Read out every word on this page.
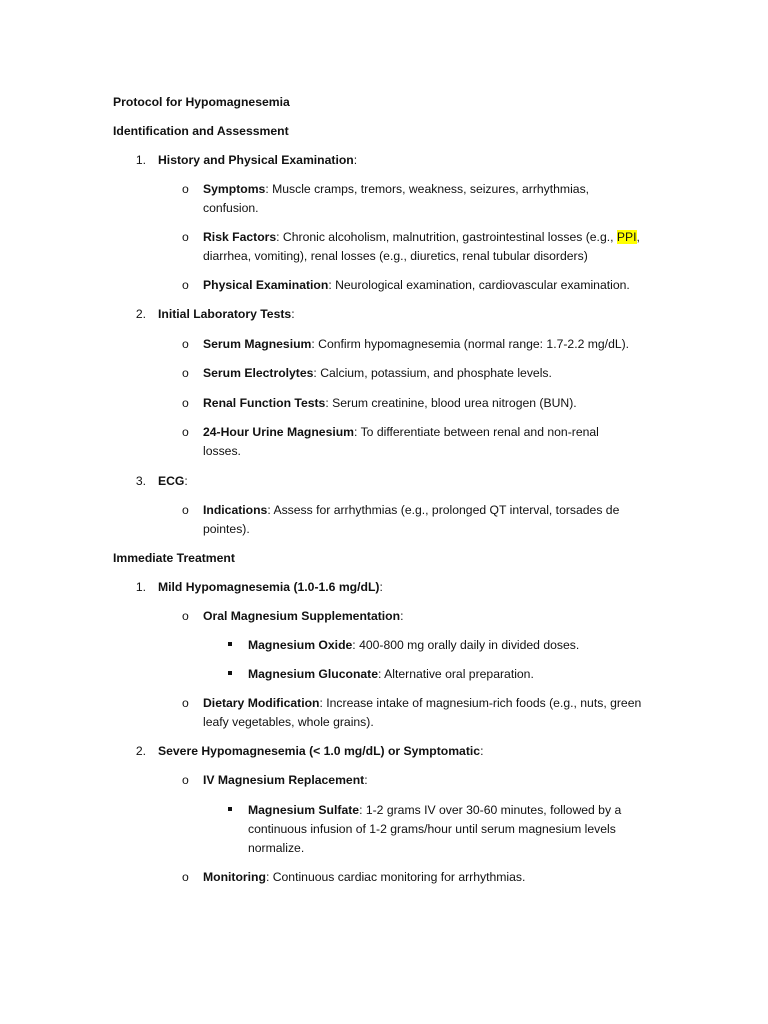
Protocol for Hypomagnesemia
Identification and Assessment
1. History and Physical Examination:
o Symptoms: Muscle cramps, tremors, weakness, seizures, arrhythmias,
confusion.
o Risk Factors: Chronic alcoholism, malnutrition, gastrointestinal losses (e.g., PPI,
diarrhea, vomiting), renal losses (e.g., diuretics, renal tubular disorders)
o Physical Examination: Neurological examination, cardiovascular examination.
2. Initial Laboratory Tests:
o Serum Magnesium: Confirm hypomagnesemia (normal range: 1.7-2.2 mg/dL).
o Serum Electrolytes: Calcium, potassium, and phosphate levels.
o Renal Function Tests: Serum creatinine, blood urea nitrogen (BUN).
o 24-Hour Urine Magnesium: To differentiate between renal and non-renal
losses.
3. ECG:
o Indications: Assess for arrhythmias (e.g., prolonged QT interval, torsades de
pointes).
Immediate Treatment
1. Mild Hypomagnesemia (1.0-1.6 mg/dL):
o Oral Magnesium Supplementation:
Magnesium Oxide: 400-800 mg orally daily in divided doses.
Magnesium Gluconate: Alternative oral preparation.
o Dietary Modification: Increase intake of magnesium-rich foods (e.g., nuts, green
leafy vegetables, whole grains).
2. Severe Hypomagnesemia (< 1.0 mg/dL) or Symptomatic:
o IV Magnesium Replacement:
Magnesium Sulfate: 1-2 grams IV over 30-60 minutes, followed by a
continuous infusion of 1-2 grams/hour until serum magnesium levels
normalize.
o Monitoring: Continuous cardiac monitoring for arrhythmias.
